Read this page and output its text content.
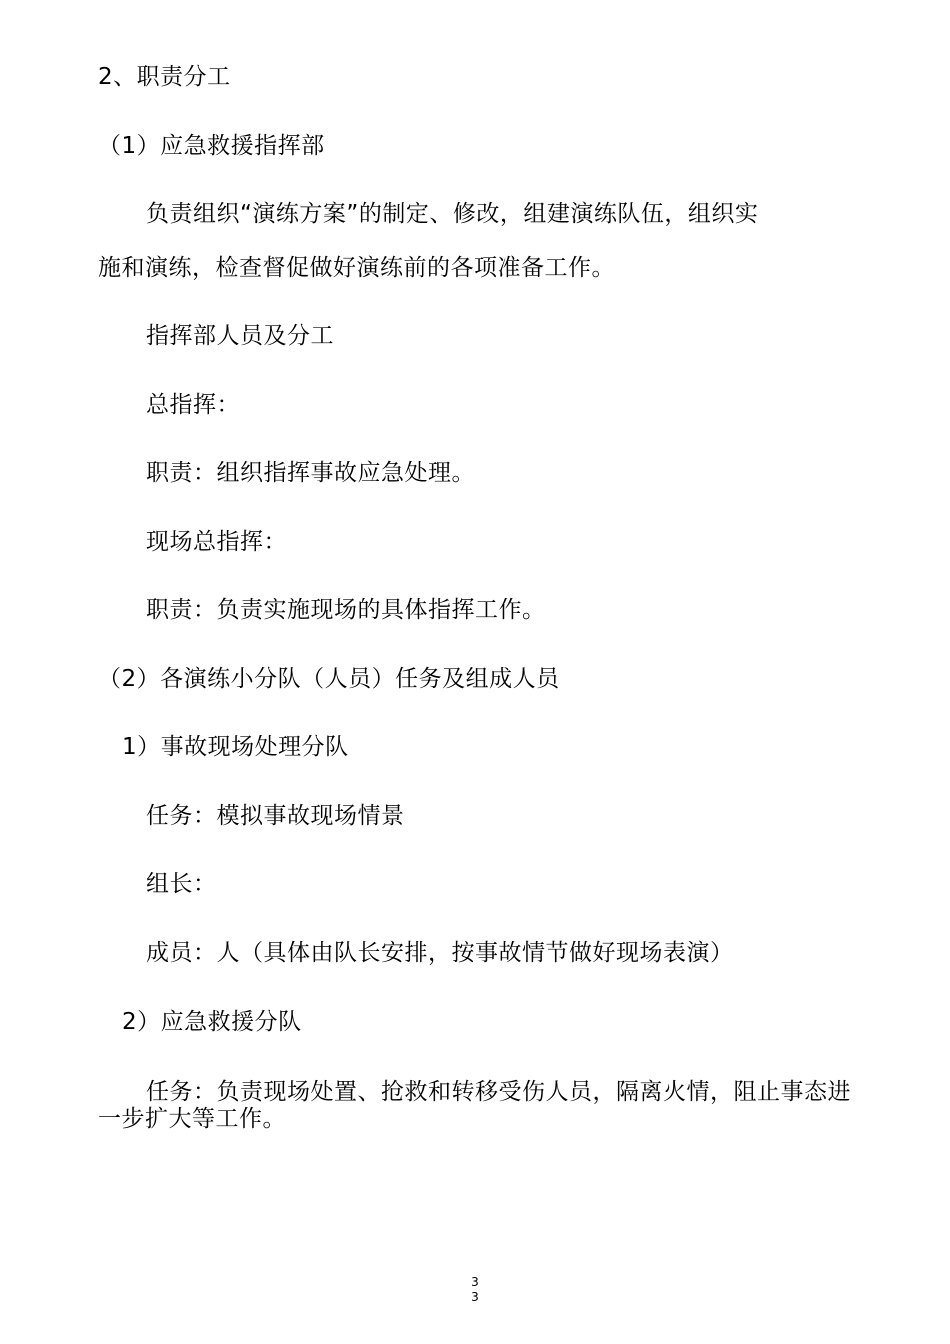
2、职责分工
（1）应急救援指挥部
负责组织“演练方案”的制定、修改，组建演练队伍，组织实
施和演练，检查督促做好演练前的各项准备工作。
指挥部人员及分工
总指挥：
职责：组织指挥事故应急处理。
现场总指挥：
职责：负责实施现场的具体指挥工作。
（2）各演练小分队（人员）任务及组成人员
1）事故现场处理分队
任务：模拟事故现场情景
组长：
成员：人（具体由队长安排，按事故情节做好现场表演）
2）应急救援分队
任务：负责现场处置、抢救和转移受伤人员，隔离火情，阻止事态进
一步扩大等工作。
3
3
